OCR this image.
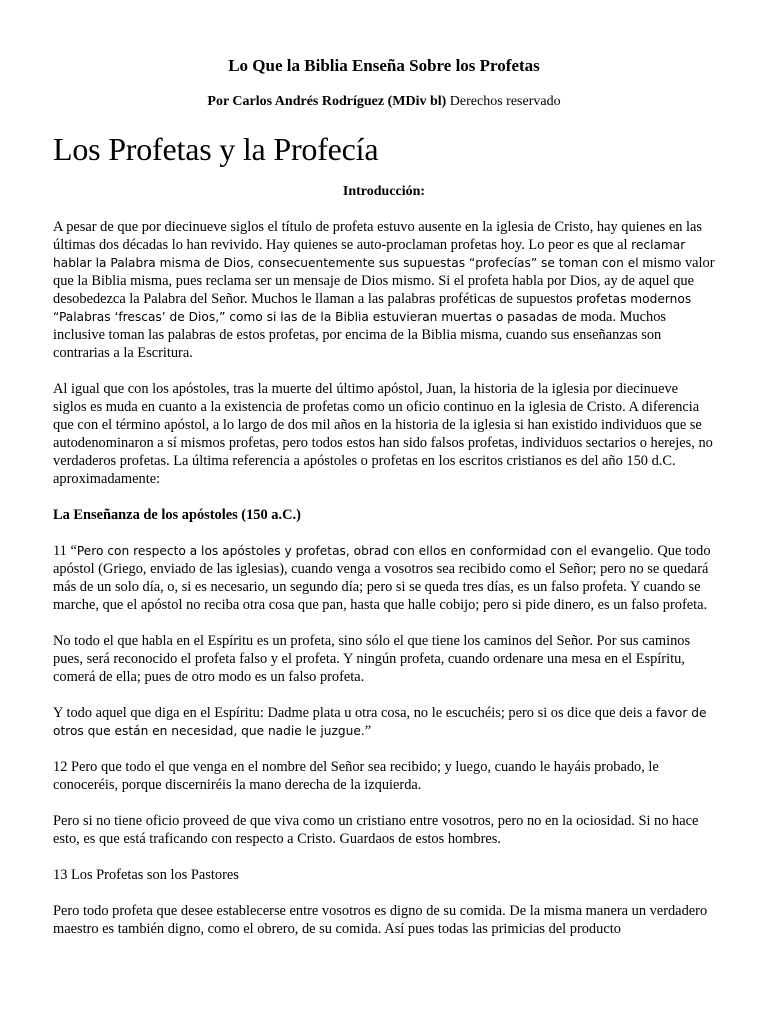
Lo Que la Biblia Enseña Sobre los Profetas

Por Carlos Andrés Rodríguez (MDiv bl) Derechos reservado

Los Profetas y la Profecía

Introducción:

A pesar de que por diecinueve siglos el título de profeta estuvo ausente en la iglesia de Cristo, hay quienes en las últimas dos décadas lo han revivido. Hay quienes se auto-proclaman profetas hoy. Lo peor es que al reclamar hablar la Palabra misma de Dios, consecuentemente sus supuestas “profecías” se toman con el mismo valor que la Biblia misma, pues reclama ser un mensaje de Dios mismo. Si el profeta habla por Dios, ay de aquel que desobedezca la Palabra del Señor. Muchos le llaman a las palabras proféticas de supuestos profetas modernos “Palabras ‘frescas’ de Dios,” como si las de la Biblia estuvieran muertas o pasadas de moda. Muchos inclusive toman las palabras de estos profetas, por encima de la Biblia misma, cuando sus enseñanzas son contrarias a la Escritura.

Al igual que con los apóstoles, tras la muerte del último apóstol, Juan, la historia de la iglesia por diecinueve siglos es muda en cuanto a la existencia de profetas como un oficio continuo en la iglesia de Cristo. A diferencia que con el término apóstol, a lo largo de dos mil años en la historia de la iglesia si han existido individuos que se autodenominaron a sí mismos profetas, pero todos estos han sido falsos profetas, individuos sectarios o herejes, no verdaderos profetas. La última referencia a apóstoles o profetas en los escritos cristianos es del año 150 d.C. aproximadamente:

La Enseñanza de los apóstoles (150 a.C.)

11 “Pero con respecto a los apóstoles y profetas, obrad con ellos en conformidad con el evangelio. Que todo apóstol (Griego, enviado de las iglesias), cuando venga a vosotros sea recibido como el Señor; pero no se quedará más de un solo día, o, si es necesario, un segundo día; pero si se queda tres días, es un falso profeta. Y cuando se marche, que el apóstol no reciba otra cosa que pan, hasta que halle cobijo; pero si pide dinero, es un falso profeta.

No todo el que habla en el Espíritu es un profeta, sino sólo el que tiene los caminos del Señor. Por sus caminos pues, será reconocido el profeta falso y el profeta. Y ningún profeta, cuando ordenare una mesa en el Espíritu, comerá de ella; pues de otro modo es un falso profeta.

Y todo aquel que diga en el Espíritu: Dadme plata u otra cosa, no le escuchéis; pero si os dice que deis a favor de otros que están en necesidad, que nadie le juzgue.”

12 Pero que todo el que venga en el nombre del Señor sea recibido; y luego, cuando le hayáis probado, le conoceréis, porque discerniréis la mano derecha de la izquierda.

Pero si no tiene oficio proveed de que viva como un cristiano entre vosotros, pero no en la ociosidad. Si no hace esto, es que está traficando con respecto a Cristo. Guardaos de estos hombres.

13 Los Profetas son los Pastores

Pero todo profeta que desee establecerse entre vosotros es digno de su comida. De la misma manera un verdadero maestro es también digno, como el obrero, de su comida. Así pues todas las primicias del producto
